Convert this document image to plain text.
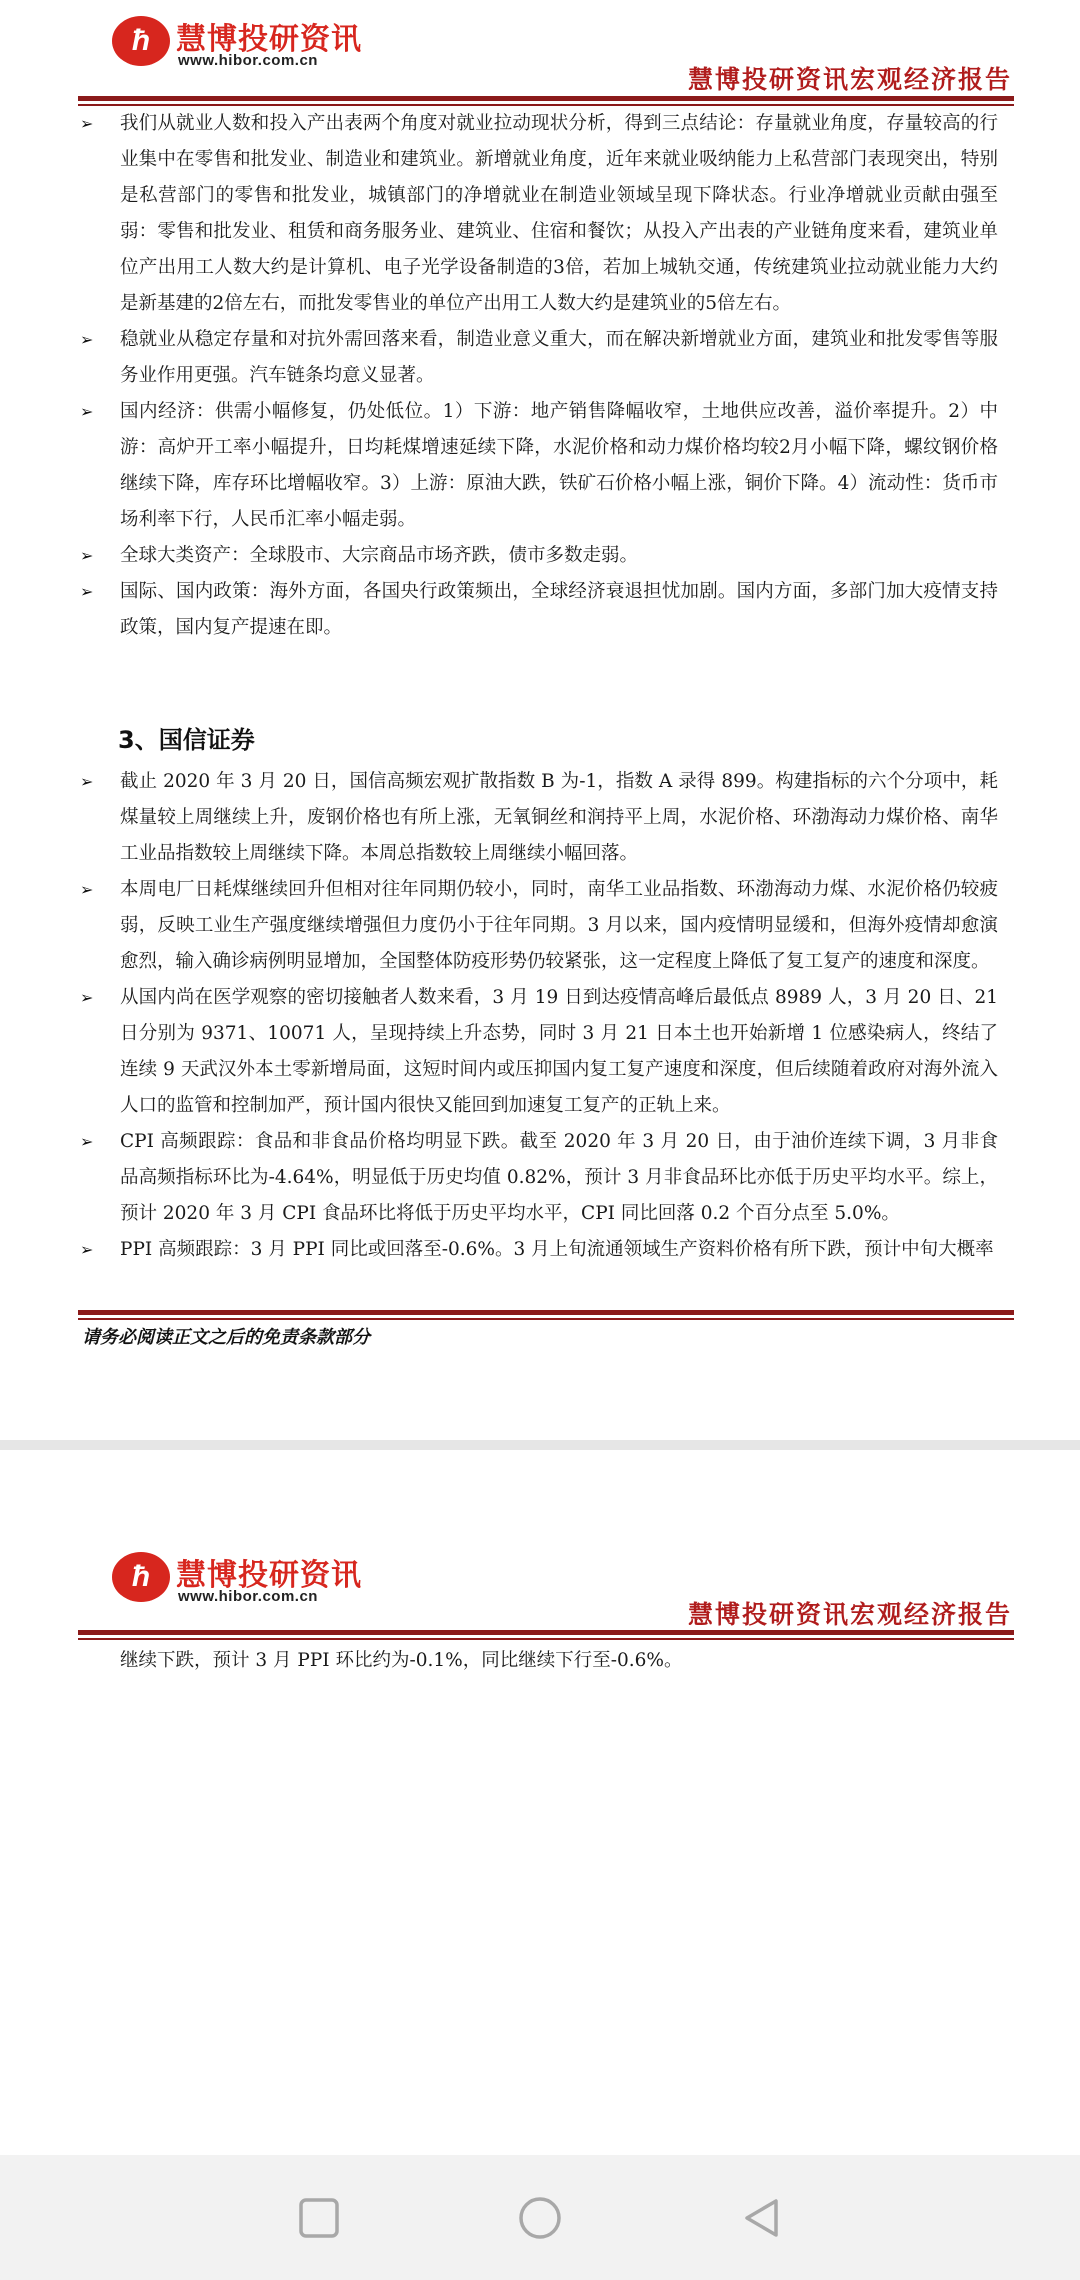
ħ 慧博投研资讯
www.hibor.com.cn
慧博投研资讯宏观经济报告
➢ 我们从就业人数和投入产出表两个角度对就业拉动现状分析，得到三点结论：存量就业角度，存量较高的行业集中在零售和批发业、制造业和建筑业。新增就业角度，近年来就业吸纳能力上私营部门表现突出，特别是私营部门的零售和批发业，城镇部门的净增就业在制造业领域呈现下降状态。行业净增就业贡献由强至弱：零售和批发业、租赁和商务服务业、建筑业、住宿和餐饮；从投入产出表的产业链角度来看，建筑业单位产出用工人数大约是计算机、电子光学设备制造的3倍，若加上城轨交通，传统建筑业拉动就业能力大约是新基建的2倍左右，而批发零售业的单位产出用工人数大约是建筑业的5倍左右。
➢ 稳就业从稳定存量和对抗外需回落来看，制造业意义重大，而在解决新增就业方面，建筑业和批发零售等服务业作用更强。汽车链条均意义显著。
➢ 国内经济：供需小幅修复，仍处低位。1）下游：地产销售降幅收窄，土地供应改善，溢价率提升。2）中游：高炉开工率小幅提升，日均耗煤增速延续下降，水泥价格和动力煤价格均较2月小幅下降，螺纹钢价格继续下降，库存环比增幅收窄。3）上游：原油大跌，铁矿石价格小幅上涨，铜价下降。4）流动性：货币市场利率下行，人民币汇率小幅走弱。
➢ 全球大类资产：全球股市、大宗商品市场齐跌，债市多数走弱。
➢ 国际、国内政策：海外方面，各国央行政策频出，全球经济衰退担忧加剧。国内方面，多部门加大疫情支持政策，国内复产提速在即。
3、国信证券
➢ 截止 2020 年 3 月 20 日，国信高频宏观扩散指数 B 为-1，指数 A 录得 899。构建指标的六个分项中，耗煤量较上周继续上升，废钢价格也有所上涨，无氧铜丝和润持平上周，水泥价格、环渤海动力煤价格、南华工业品指数较上周继续下降。本周总指数较上周继续小幅回落。
➢ 本周电厂日耗煤继续回升但相对往年同期仍较小，同时，南华工业品指数、环渤海动力煤、水泥价格仍较疲弱，反映工业生产强度继续增强但力度仍小于往年同期。3 月以来，国内疫情明显缓和，但海外疫情却愈演愈烈，输入确诊病例明显增加，全国整体防疫形势仍较紧张，这一定程度上降低了复工复产的速度和深度。
➢ 从国内尚在医学观察的密切接触者人数来看，3 月 19 日到达疫情高峰后最低点 8989 人，3 月 20 日、21 日分别为 9371、10071 人，呈现持续上升态势，同时 3 月 21 日本土也开始新增 1 位感染病人，终结了连续 9 天武汉外本土零新增局面，这短时间内或压抑国内复工复产速度和深度，但后续随着政府对海外流入人口的监管和控制加严，预计国内很快又能回到加速复工复产的正轨上来。
➢ CPI 高频跟踪：食品和非食品价格均明显下跌。截至 2020 年 3 月 20 日，由于油价连续下调，3 月非食品高频指标环比为-4.64%，明显低于历史均值 0.82%，预计 3 月非食品环比亦低于历史平均水平。综上，预计 2020 年 3 月 CPI 食品环比将低于历史平均水平，CPI 同比回落 0.2 个百分点至 5.0%。
➢ PPI 高频跟踪：3 月 PPI 同比或回落至-0.6%。3 月上旬流通领域生产资料价格有所下跌，预计中旬大概率
请务必阅读正文之后的免责条款部分
ħ 慧博投研资讯
www.hibor.com.cn
慧博投研资讯宏观经济报告
继续下跌，预计 3 月 PPI 环比约为-0.1%，同比继续下行至-0.6%。
